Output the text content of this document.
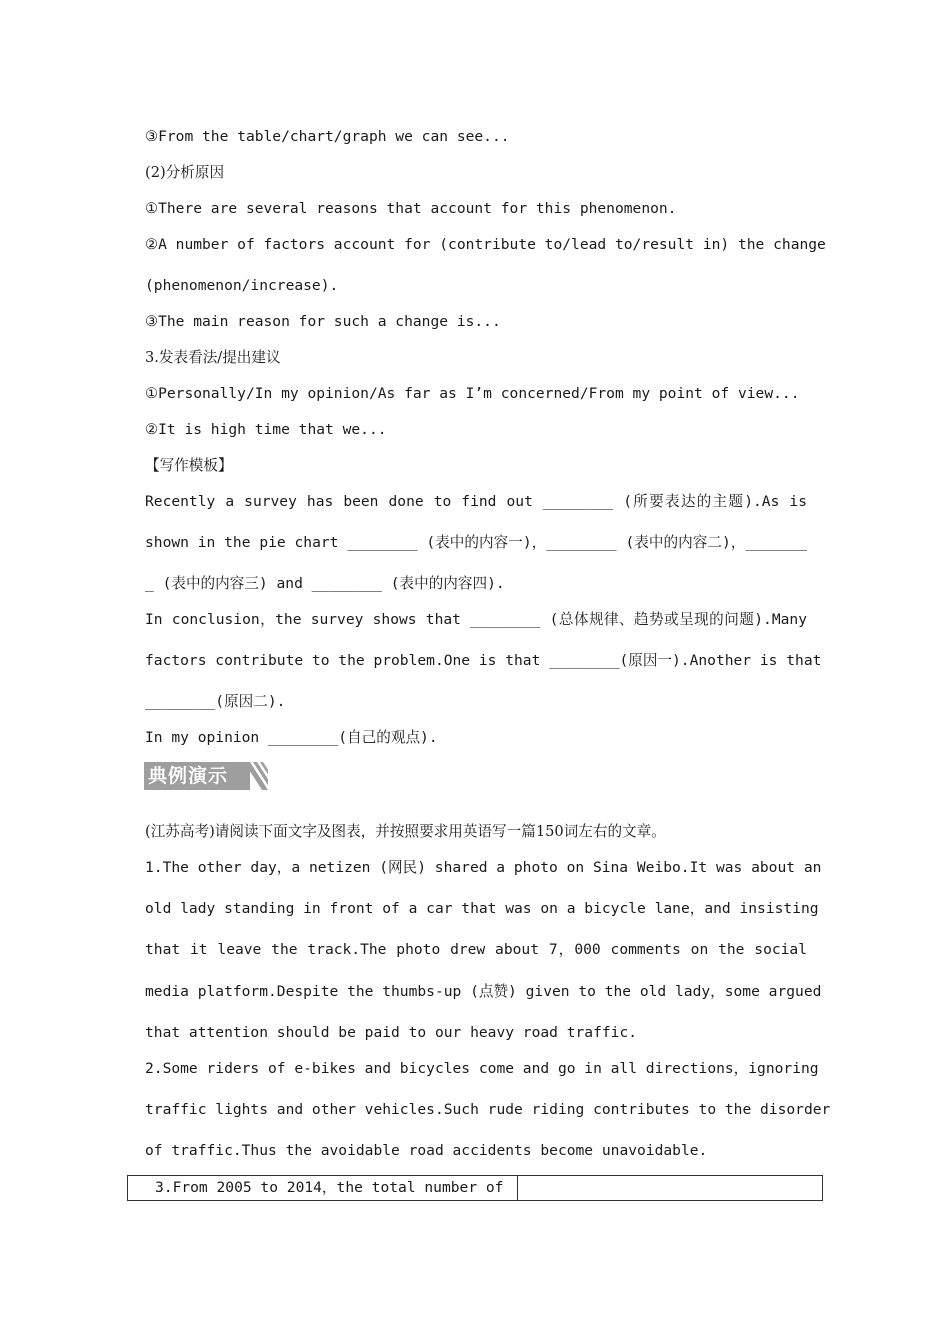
③From the table/chart/graph we can see...
(2)分析原因
①There are several reasons that account for this phenomenon.
②A number of factors account for (contribute to/lead to/result in) the change
(phenomenon/increase).
③The main reason for such a change is...
3.发表看法/提出建议
①Personally/In my opinion/As far as I’m concerned/From my point of view...
②It is high time that we...
【写作模板】
Recently a survey has been done to find out ________ (所要表达的主题).As is
shown in the pie chart ________ (表中的内容一)，________ (表中的内容二)，_______
_ (表中的内容三) and ________ (表中的内容四).
In conclusion，the survey shows that ________ (总体规律、趋势或呈现的问题).Many
factors contribute to the problem.One is that ________(原因一).Another is that
________(原因二).
In my opinion ________(自己的观点).
典例演示
(江苏高考)请阅读下面文字及图表，并按照要求用英语写一篇150词左右的文章。
1.The other day，a netizen (网民) shared a photo on Sina Weibo.It was about an
old lady standing in front of a car that was on a bicycle lane，and insisting
that it leave the track.The photo drew about 7，000 comments on the social
media platform.Despite the thumbs-up (点赞) given to the old lady，some argued
that attention should be paid to our heavy road traffic.
2.Some riders of e-bikes and bicycles come and go in all directions，ignoring
traffic lights and other vehicles.Such rude riding contributes to the disorder
of traffic.Thus the avoidable road accidents become unavoidable.
3.From 2005 to 2014，the total number of
